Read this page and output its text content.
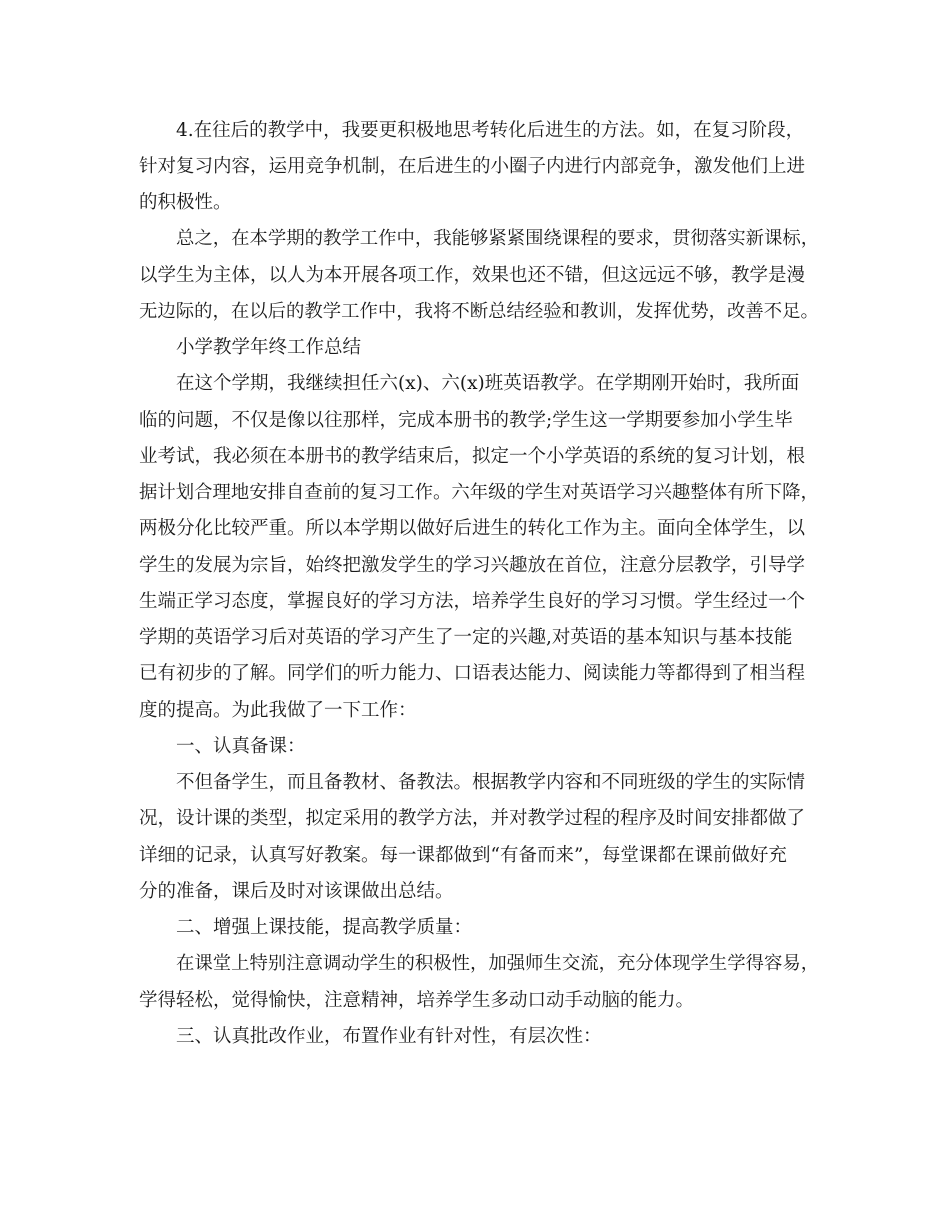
4.在往后的教学中，我要更积极地思考转化后进生的方法。如，在复习阶段，
针对复习内容，运用竞争机制，在后进生的小圈子内进行内部竞争，激发他们上进
的积极性。
总之，在本学期的教学工作中，我能够紧紧围绕课程的要求，贯彻落实新课标，
以学生为主体，以人为本开展各项工作，效果也还不错，但这远远不够，教学是漫
无边际的，在以后的教学工作中，我将不断总结经验和教训，发挥优势，改善不足。
小学教学年终工作总结
在这个学期，我继续担任六(x)、六(x)班英语教学。在学期刚开始时，我所面
临的问题，不仅是像以往那样，完成本册书的教学;学生这一学期要参加小学生毕
业考试，我必须在本册书的教学结束后，拟定一个小学英语的系统的复习计划，根
据计划合理地安排自查前的复习工作。六年级的学生对英语学习兴趣整体有所下降，
两极分化比较严重。所以本学期以做好后进生的转化工作为主。面向全体学生，以
学生的发展为宗旨，始终把激发学生的学习兴趣放在首位，注意分层教学，引导学
生端正学习态度，掌握良好的学习方法，培养学生良好的学习习惯。学生经过一个
学期的英语学习后对英语的学习产生了一定的兴趣,对英语的基本知识与基本技能
已有初步的了解。同学们的听力能力、口语表达能力、阅读能力等都得到了相当程
度的提高。为此我做了一下工作：
一、认真备课：
不但备学生，而且备教材、备教法。根据教学内容和不同班级的学生的实际情
况，设计课的类型，拟定采用的教学方法，并对教学过程的程序及时间安排都做了
详细的记录，认真写好教案。每一课都做到“有备而来”，每堂课都在课前做好充
分的准备，课后及时对该课做出总结。
二、增强上课技能，提高教学质量：
在课堂上特别注意调动学生的积极性，加强师生交流，充分体现学生学得容易，
学得轻松，觉得愉快，注意精神，培养学生多动口动手动脑的能力。
三、认真批改作业，布置作业有针对性，有层次性：
